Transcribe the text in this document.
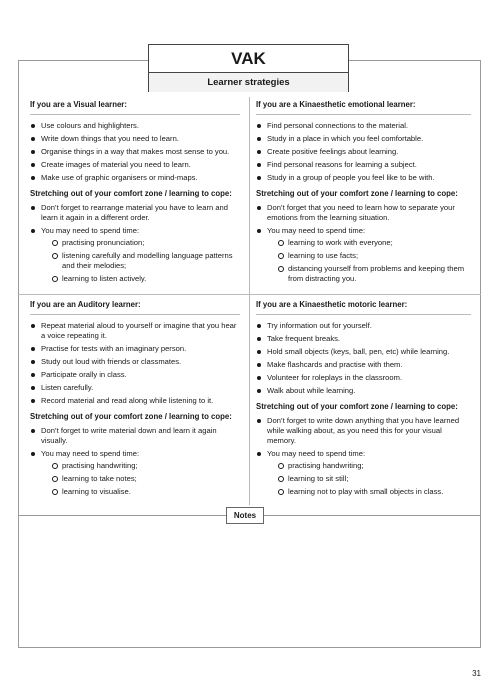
VAK
Learner strategies
If you are a Visual learner:
Use colours and highlighters.
Write down things that you need to learn.
Organise things in a way that makes most sense to you.
Create images of material you need to learn.
Make use of graphic organisers or mind-maps.
Stretching out of your comfort zone / learning to cope:
Don’t forget to rearrange material you have to learn and learn it again in a different order.
You may need to spend time:
practising pronunciation;
listening carefully and modelling language patterns and their melodies;
learning to listen actively.
If you are a Kinaesthetic emotional learner:
Find personal connections to the material.
Study in a place in which you feel comfortable.
Create positive feelings about learning.
Find personal reasons for learning a subject.
Study in a group of people you feel like to be with.
Stretching out of your comfort zone / learning to cope:
Don’t forget that you need to learn how to separate your emotions from the learning situation.
You may need to spend time:
learning to work with everyone;
learning to use facts;
distancing yourself from problems and keeping them from distracting you.
If you are an Auditory learner:
Repeat material aloud to yourself or imagine that you hear a voice repeating it.
Practise for tests with an imaginary person.
Study out loud with friends or classmates.
Participate orally in class.
Listen carefully.
Record material and read along while listening to it.
Stretching out of your comfort zone / learning to cope:
Don’t forget to write material down and learn it again visually.
You may need to spend time:
practising handwriting;
learning to take notes;
learning to visualise.
If you are a Kinaesthetic motoric learner:
Try information out for yourself.
Take frequent breaks.
Hold small objects (keys, ball, pen, etc) while learning.
Make flashcards and practise with them.
Volunteer for roleplays in the classroom.
Walk about while learning.
Stretching out of your comfort zone / learning to cope:
Don’t forget to write down anything that you have learned while walking about, as you need this for your visual memory.
You may need to spend time:
practising handwriting;
learning to sit still;
learning not to play with small objects in class.
Notes
31
